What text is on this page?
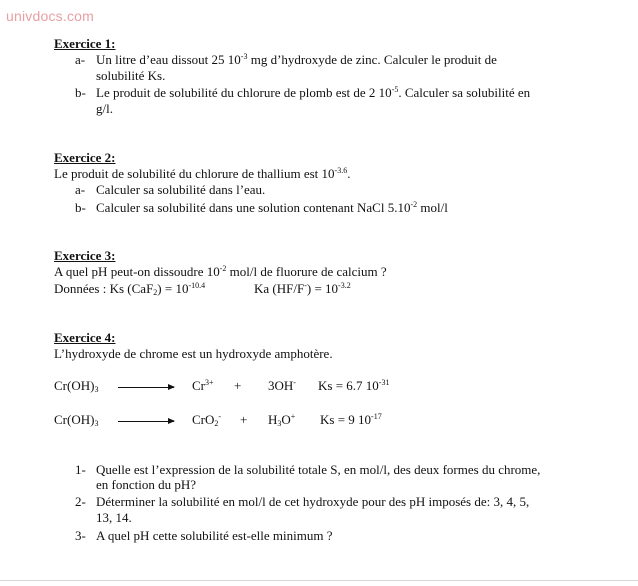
univdocs.com
Exercice 1:
a- Un litre d’eau dissout 25 $10^{-3}$ mg d’hydroxyde de zinc. Calculer le produit de
solubilité Ks.
b- Le produit de solubilité du chlorure de plomb est de 2 $10^{-5}$. Calculer sa solubilité en
g/l.
Exercice 2:
Le produit de solubilité du chlorure de thallium est $10^{-3.6}$.
a- Calculer sa solubilité dans l’eau.
b- Calculer sa solubilité dans une solution contenant NaCl $5.10^{-2}$ mol/l
Exercice 3:
A quel pH peut-on dissoudre $10^{-2}$ mol/l de fluorure de calcium ?
Données : Ks $(CaF_2) = 10^{-10.4}$	Ka $(HF/F^-) = 10^{-3.2}$
Exercice 4:
L’hydroxyde de chrome est un hydroxyde amphotère.
$Cr(OH)_3$	$Cr^{3+} + 3OH^-$ Ks = 6.7 $10^{-31}$
$Cr(OH)_3$	$CrO_2^- + H_3O^+$ Ks = 9 $10^{-17}$
1- Quelle est l’expression de la solubilité totale S, en mol/l, des deux formes du chrome,
en fonction du pH?
2- Déterminer la solubilité en mol/l de cet hydroxyde pour des pH imposés de: 3, 4, 5,
13, 14.
3- A quel pH cette solubilité est-elle minimum ?
